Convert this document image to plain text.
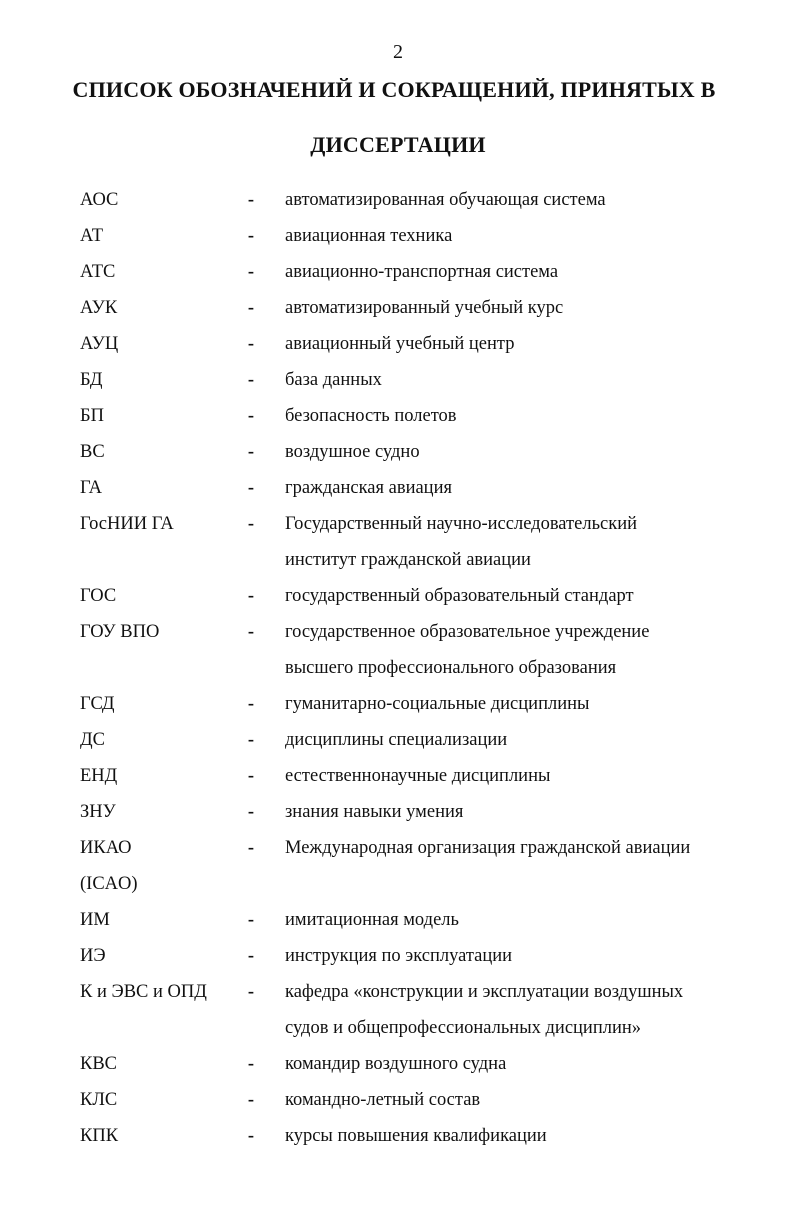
2
СПИСОК ОБОЗНАЧЕНИЙ И СОКРАЩЕНИЙ, ПРИНЯТЫХ В
ДИССЕРТАЦИИ
АОС	- автоматизированная обучающая система
АТ	- авиационная техника
АТС	- авиационно-транспортная система
АУК	- автоматизированный учебный курс
АУЦ	- авиационный учебный центр
БД	- база данных
БП	- безопасность полетов
ВС	- воздушное судно
ГА	- гражданская авиация
ГосНИИ ГА	- Государственный научно-исследовательский
институт гражданской авиации
ГОС	- государственный образовательный стандарт
ГОУ ВПО	- государственное образовательное учреждение
высшего профессионального образования
ГСД	- гуманитарно-социальные дисциплины
ДС	- дисциплины специализации
ЕНД	- естественнонаучные дисциплины
ЗНУ	- знания навыки умения
ИКАО	- Международная организация гражданской авиации
(ICAO)
ИМ	- имитационная модель
ИЭ	- инструкция по эксплуатации
К и ЭВС и ОПД - кафедра «конструкции и эксплуатации воздушных
судов и общепрофессиональных дисциплин»
КВС	- командир воздушного судна
КЛС	- командно-летный состав
КПК	- курсы повышения квалификации
